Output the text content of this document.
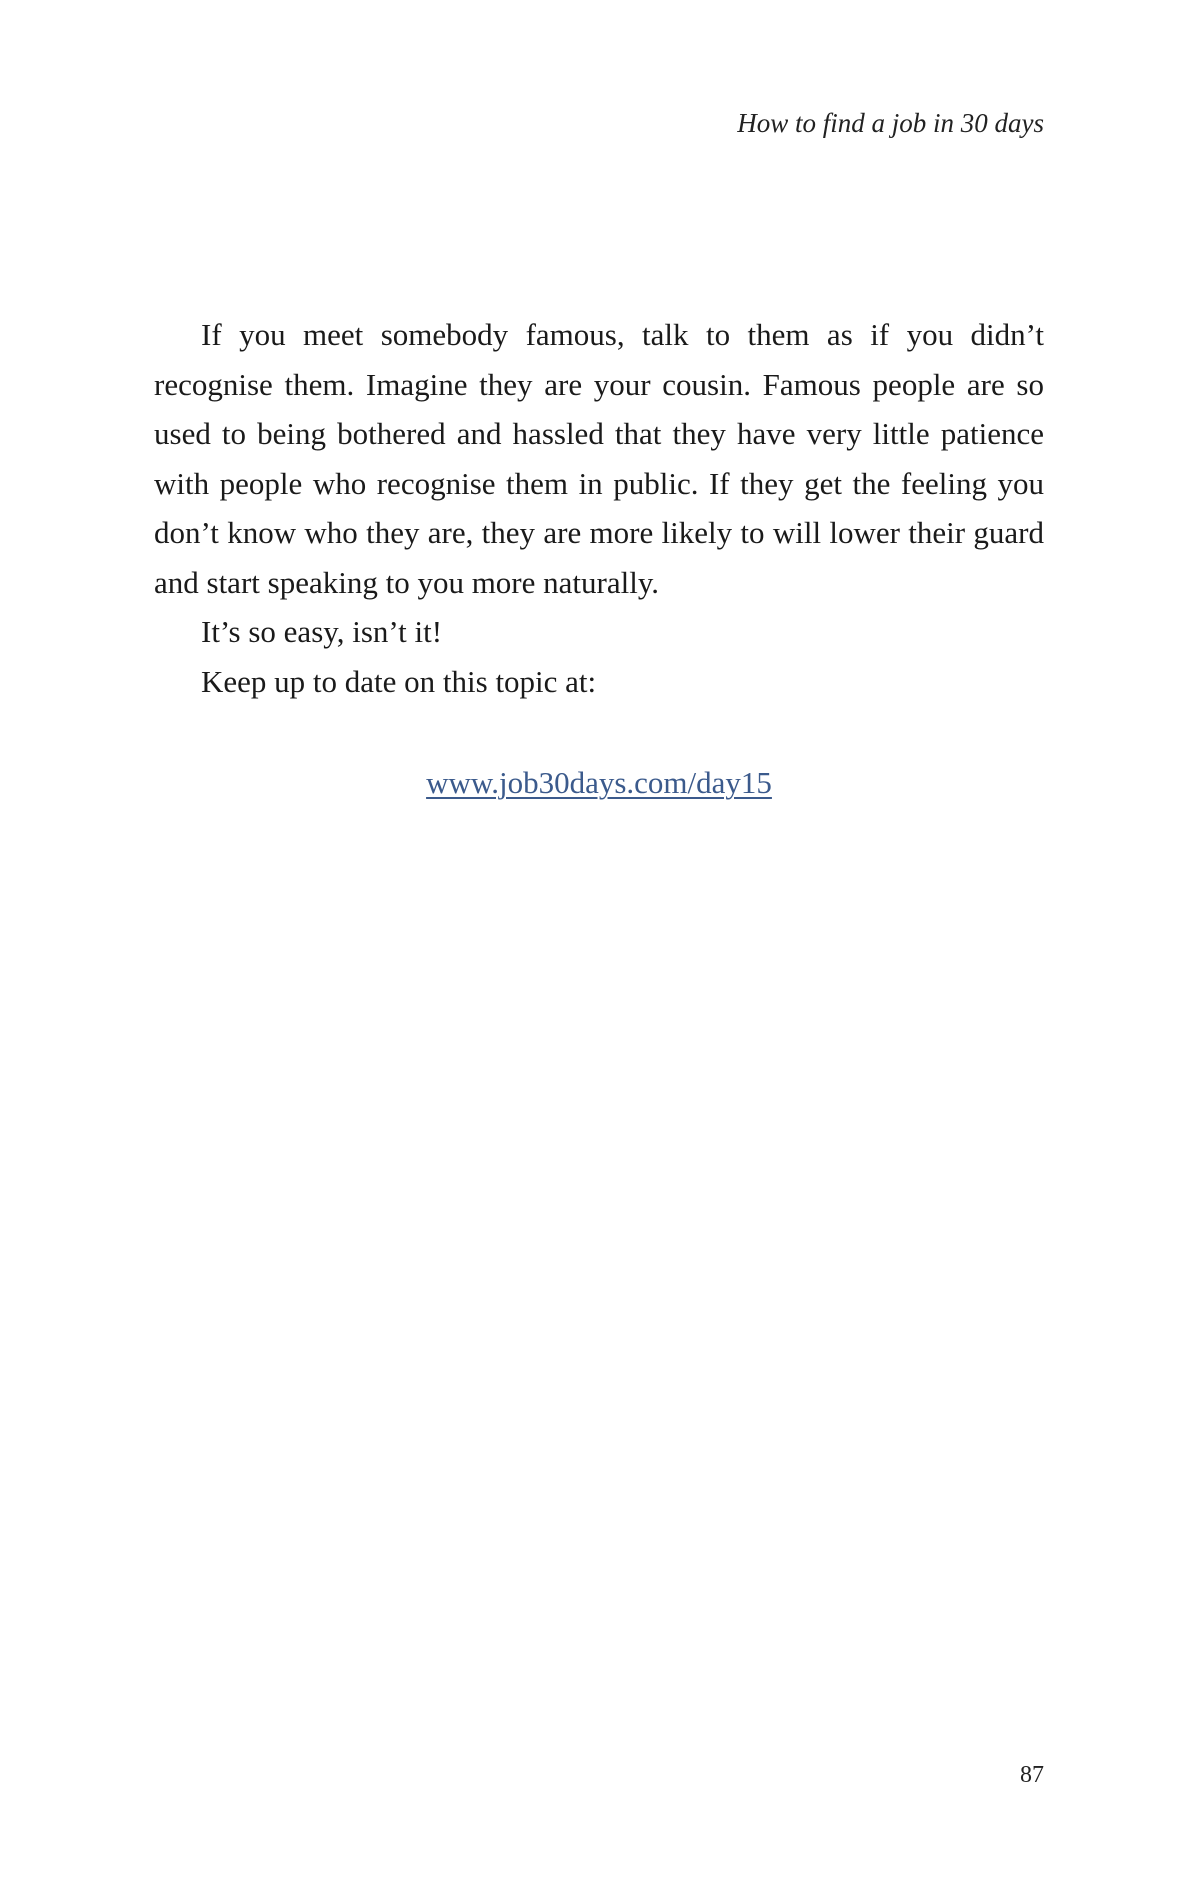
How to find a job in 30 days

If you meet somebody famous, talk to them as if you didn’t recognise them. Imagine they are your cousin. Famous people are so used to being bothered and hassled that they have very little patience with people who recognise them in public. If they get the feeling you don’t know who they are, they are more likely to will lower their guard and start speaking to you more naturally.

It’s so easy, isn’t it!

Keep up to date on this topic at:

www.job30days.com/day15
87
